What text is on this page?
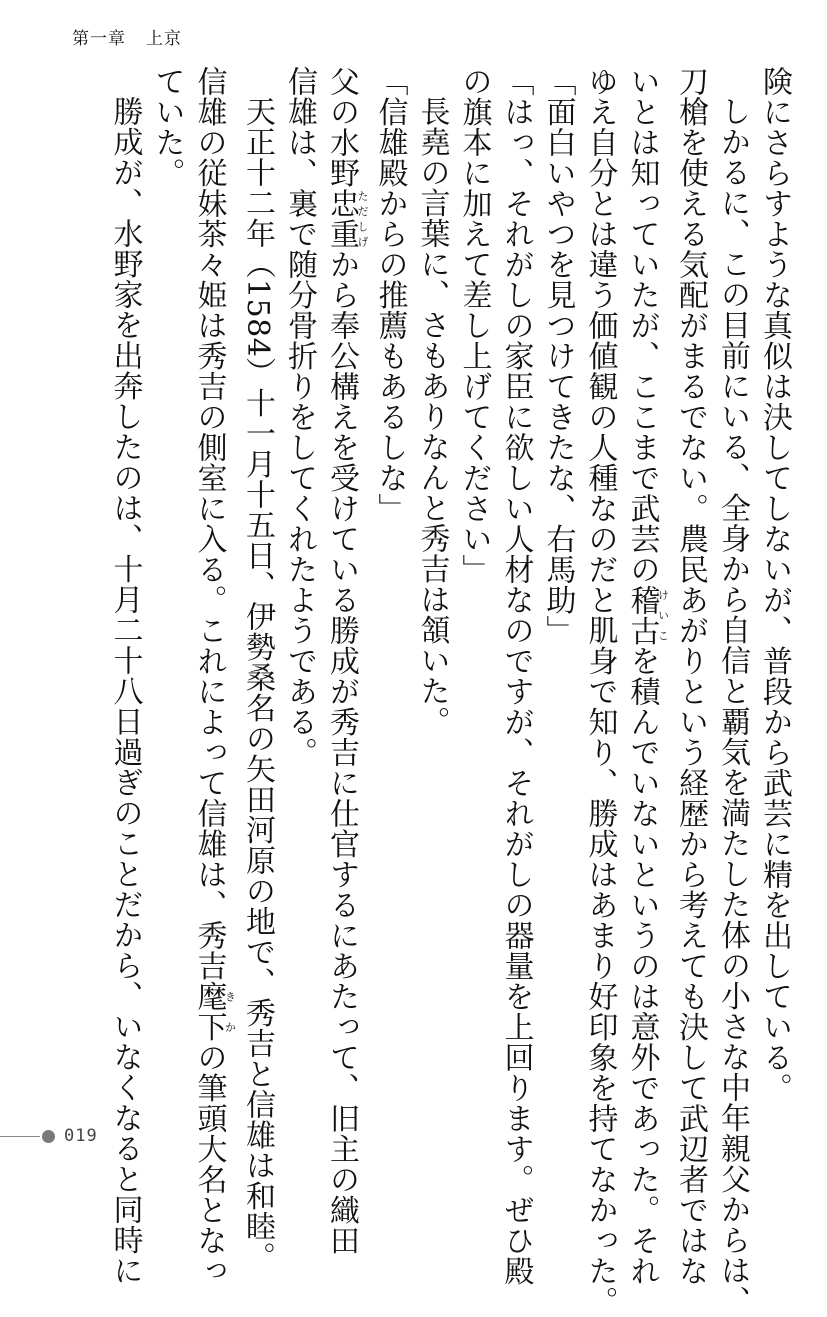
第一章 上京

険にさらすような真似は決してしないが、普段から武芸に精を出している。

しかるに、この目前にいる、全身から自信と覇気を満たした体の小さな中年親父からは、

刀槍を使える気配がまるでない。農民あがりという経歴から考えても決して武辺者ではな

いとは知っていたが、ここまで武芸の稽古けいこを積んでいないというのは意外であった。それ

ゆえ自分とは違う価値観の人種なのだと肌身で知り、勝成はあまり好印象を持てなかった。

「面白いやつを見つけてきたな、右馬助」

「はっ、それがしの家臣に欲しい人材なのですが、それがしの器量を上回ります。ぜひ殿

の旗本に加えて差し上げてください」

長堯の言葉に、さもありなんと秀吉は頷いた。

「信雄殿からの推薦もあるしな」

父の水野忠重ただしげから奉公構えを受けている勝成が秀吉に仕官するにあたって、旧主の織田

信雄は、裏で随分骨折りをしてくれたようである。

天正十二年（1584）十一月十五日、伊勢桑名の矢田河原の地で、秀吉と信雄は和睦。

信雄の従妹茶々姫は秀吉の側室に入る。これによって信雄は、秀吉麾下きかの筆頭大名となっ

ていた。

勝成が、水野家を出奔したのは、十月二十八日過ぎのことだから、いなくなると同時に

019
